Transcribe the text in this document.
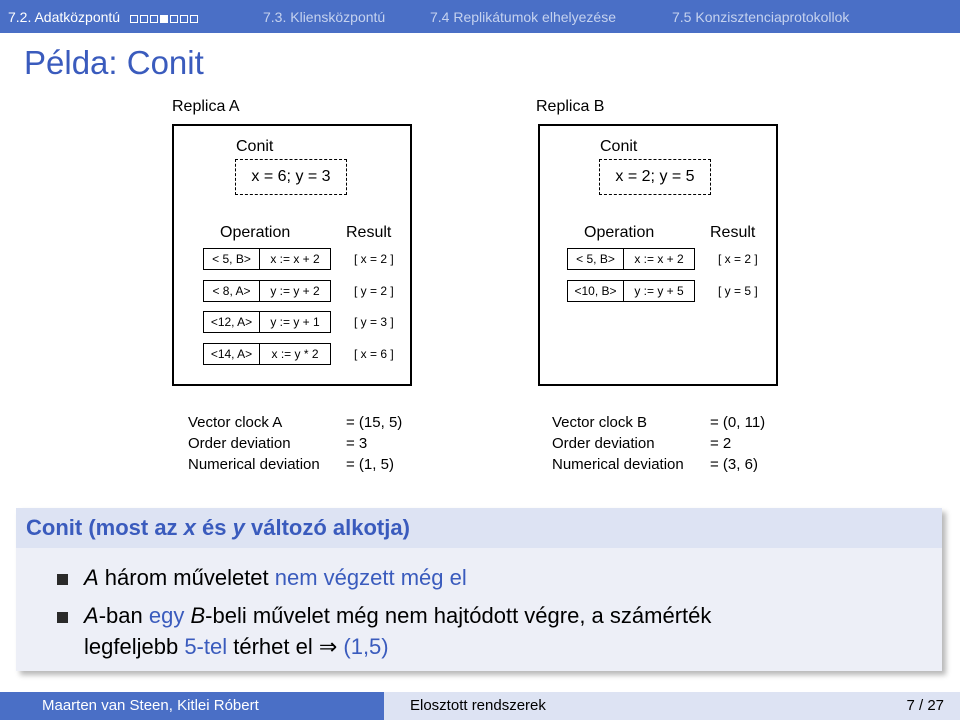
7.2. Adatközpontú	7.3. Kliensközpontú	7.4 Replikátumok elhelyezése	7.5 Konzisztenciaprotokollok
Példa: Conit
Replica A
Conit
x = 6; y = 3
Operation	Result
< 5, B>	x := x + 2	[ x = 2 ]
< 8, A>	y := y + 2	[ y = 2 ]
<12, A>	y := y + 1	[ y = 3 ]
<14, A>	x := y * 2	[ x = 6 ]
Vector clock A	= (15, 5)
Order deviation	= 3
Numerical deviation = (1, 5)
Replica B
Conit
x = 2; y = 5
Operation	Result
< 5, B>	x := x + 2	[ x = 2 ]
<10, B>	y := y + 5	[ y = 5 ]
Vector clock B	= (0, 11)
Order deviation	= 2
Numerical deviation = (3, 6)
Conit (most az x és y változó alkotja)
A három műveletet nem végzett még el
A-ban egy B-beli művelet még nem hajtódott végre, a számérték
legfeljebb 5-tel térhet el ⇒ (1,5)
Maarten van Steen, Kitlei Róbert	Elosztott rendszerek	7 / 27
